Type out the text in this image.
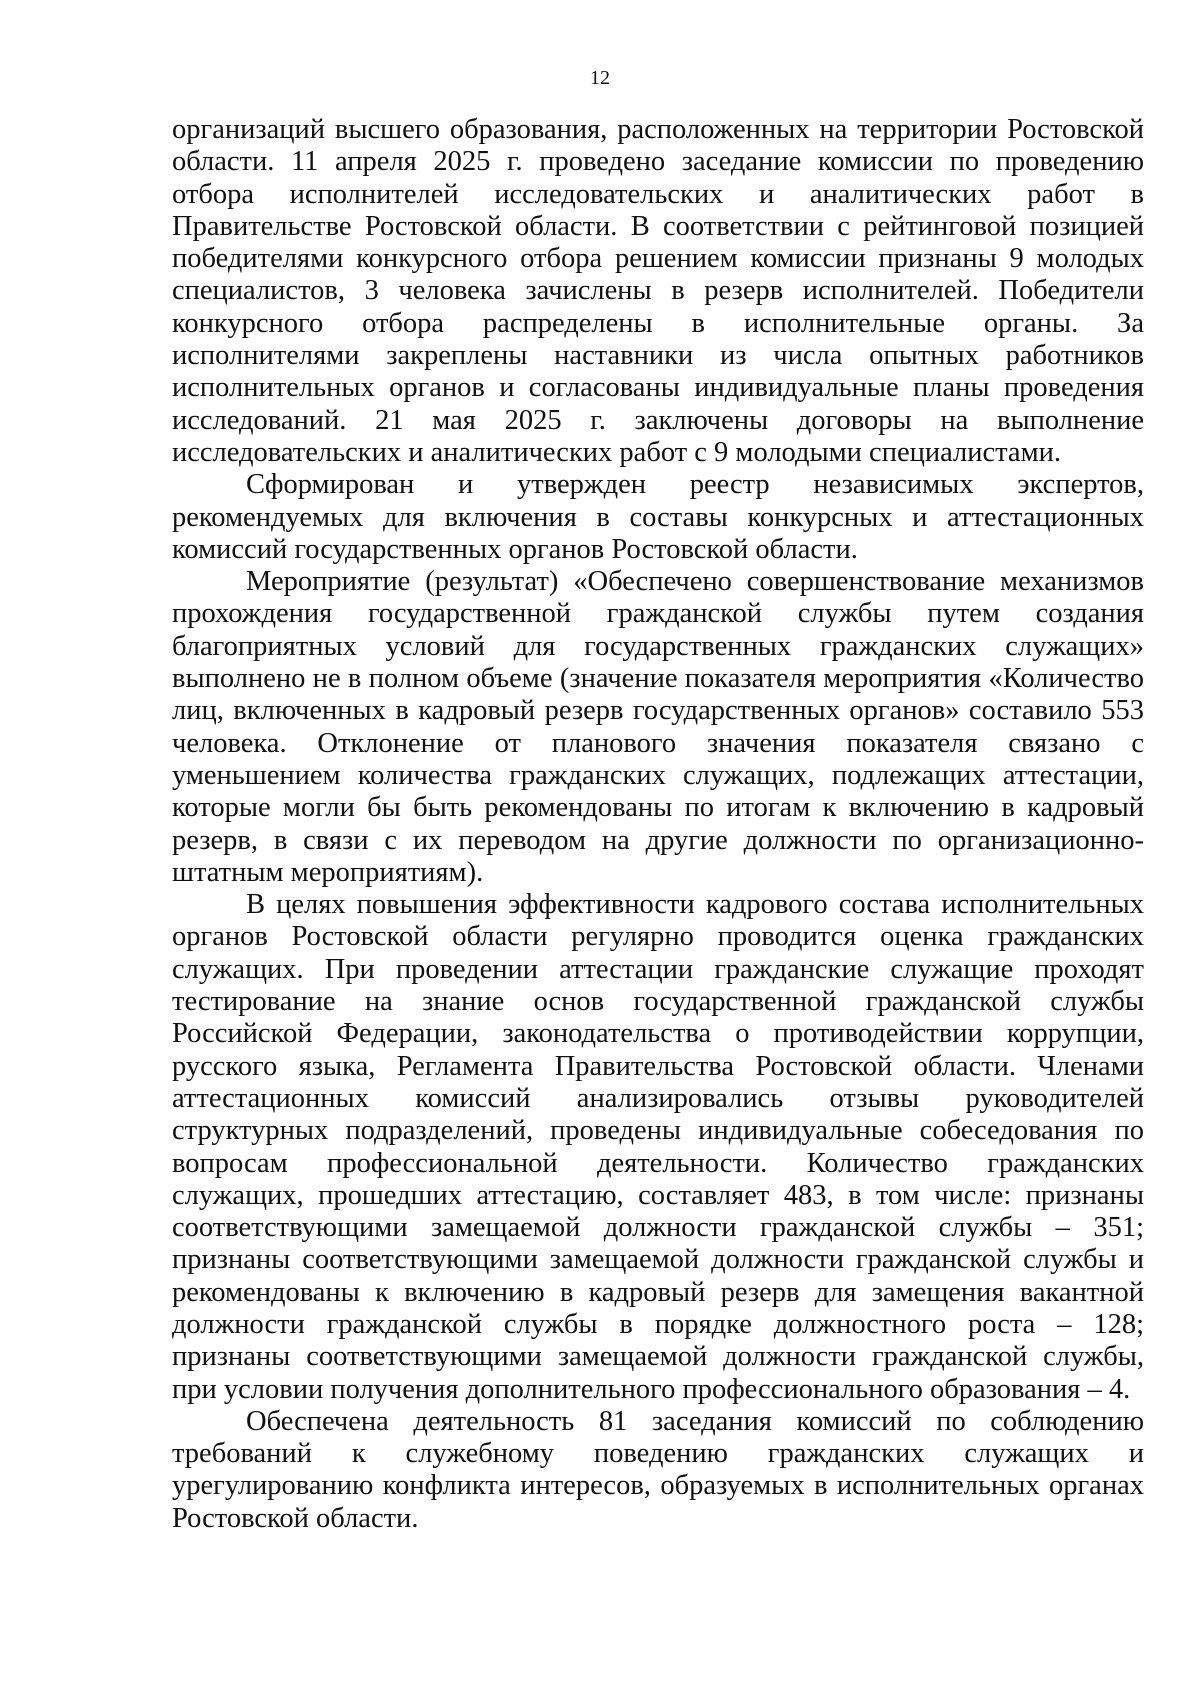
12

организаций высшего образования, расположенных на территории Ростовской области. 11 апреля 2025 г. проведено заседание комиссии по проведению отбора исполнителей исследовательских и аналитических работ в Правительстве Ростовской области. В соответствии с рейтинговой позицией победителями конкурсного отбора решением комиссии признаны 9 молодых специалистов, 3 человека зачислены в резерв исполнителей. Победители конкурсного отбора распределены в исполнительные органы. За исполнителями закреплены наставники из числа опытных работников исполнительных органов и согласованы индивидуальные планы проведения исследований. 21 мая 2025 г. заключены договоры на выполнение исследовательских и аналитических работ с 9 молодыми специалистами.

Сформирован и утвержден реестр независимых экспертов, рекомендуемых для включения в составы конкурсных и аттестационных комиссий государственных органов Ростовской области.

Мероприятие (результат) «Обеспечено совершенствование механизмов прохождения государственной гражданской службы путем создания благоприятных условий для государственных гражданских служащих» выполнено не в полном объеме (значение показателя мероприятия «Количество лиц, включенных в кадровый резерв государственных органов» составило 553 человека. Отклонение от планового значения показателя связано с уменьшением количества гражданских служащих, подлежащих аттестации, которые могли бы быть рекомендованы по итогам к включению в кадровый резерв, в связи с их переводом на другие должности по организационно-штатным мероприятиям).

В целях повышения эффективности кадрового состава исполнительных органов Ростовской области регулярно проводится оценка гражданских служащих. При проведении аттестации гражданские служащие проходят тестирование на знание основ государственной гражданской службы Российской Федерации, законодательства о противодействии коррупции, русского языка, Регламента Правительства Ростовской области. Членами аттестационных комиссий анализировались отзывы руководителей структурных подразделений, проведены индивидуальные собеседования по вопросам профессиональной деятельности. Количество гражданских служащих, прошедших аттестацию, составляет 483, в том числе: признаны соответствующими замещаемой должности гражданской службы – 351; признаны соответствующими замещаемой должности гражданской службы и рекомендованы к включению в кадровый резерв для замещения вакантной должности гражданской службы в порядке должностного роста – 128; признаны соответствующими замещаемой должности гражданской службы, при условии получения дополнительного профессионального образования – 4.

Обеспечена деятельность 81 заседания комиссий по соблюдению требований к служебному поведению гражданских служащих и урегулированию конфликта интересов, образуемых в исполнительных органах Ростовской области.
